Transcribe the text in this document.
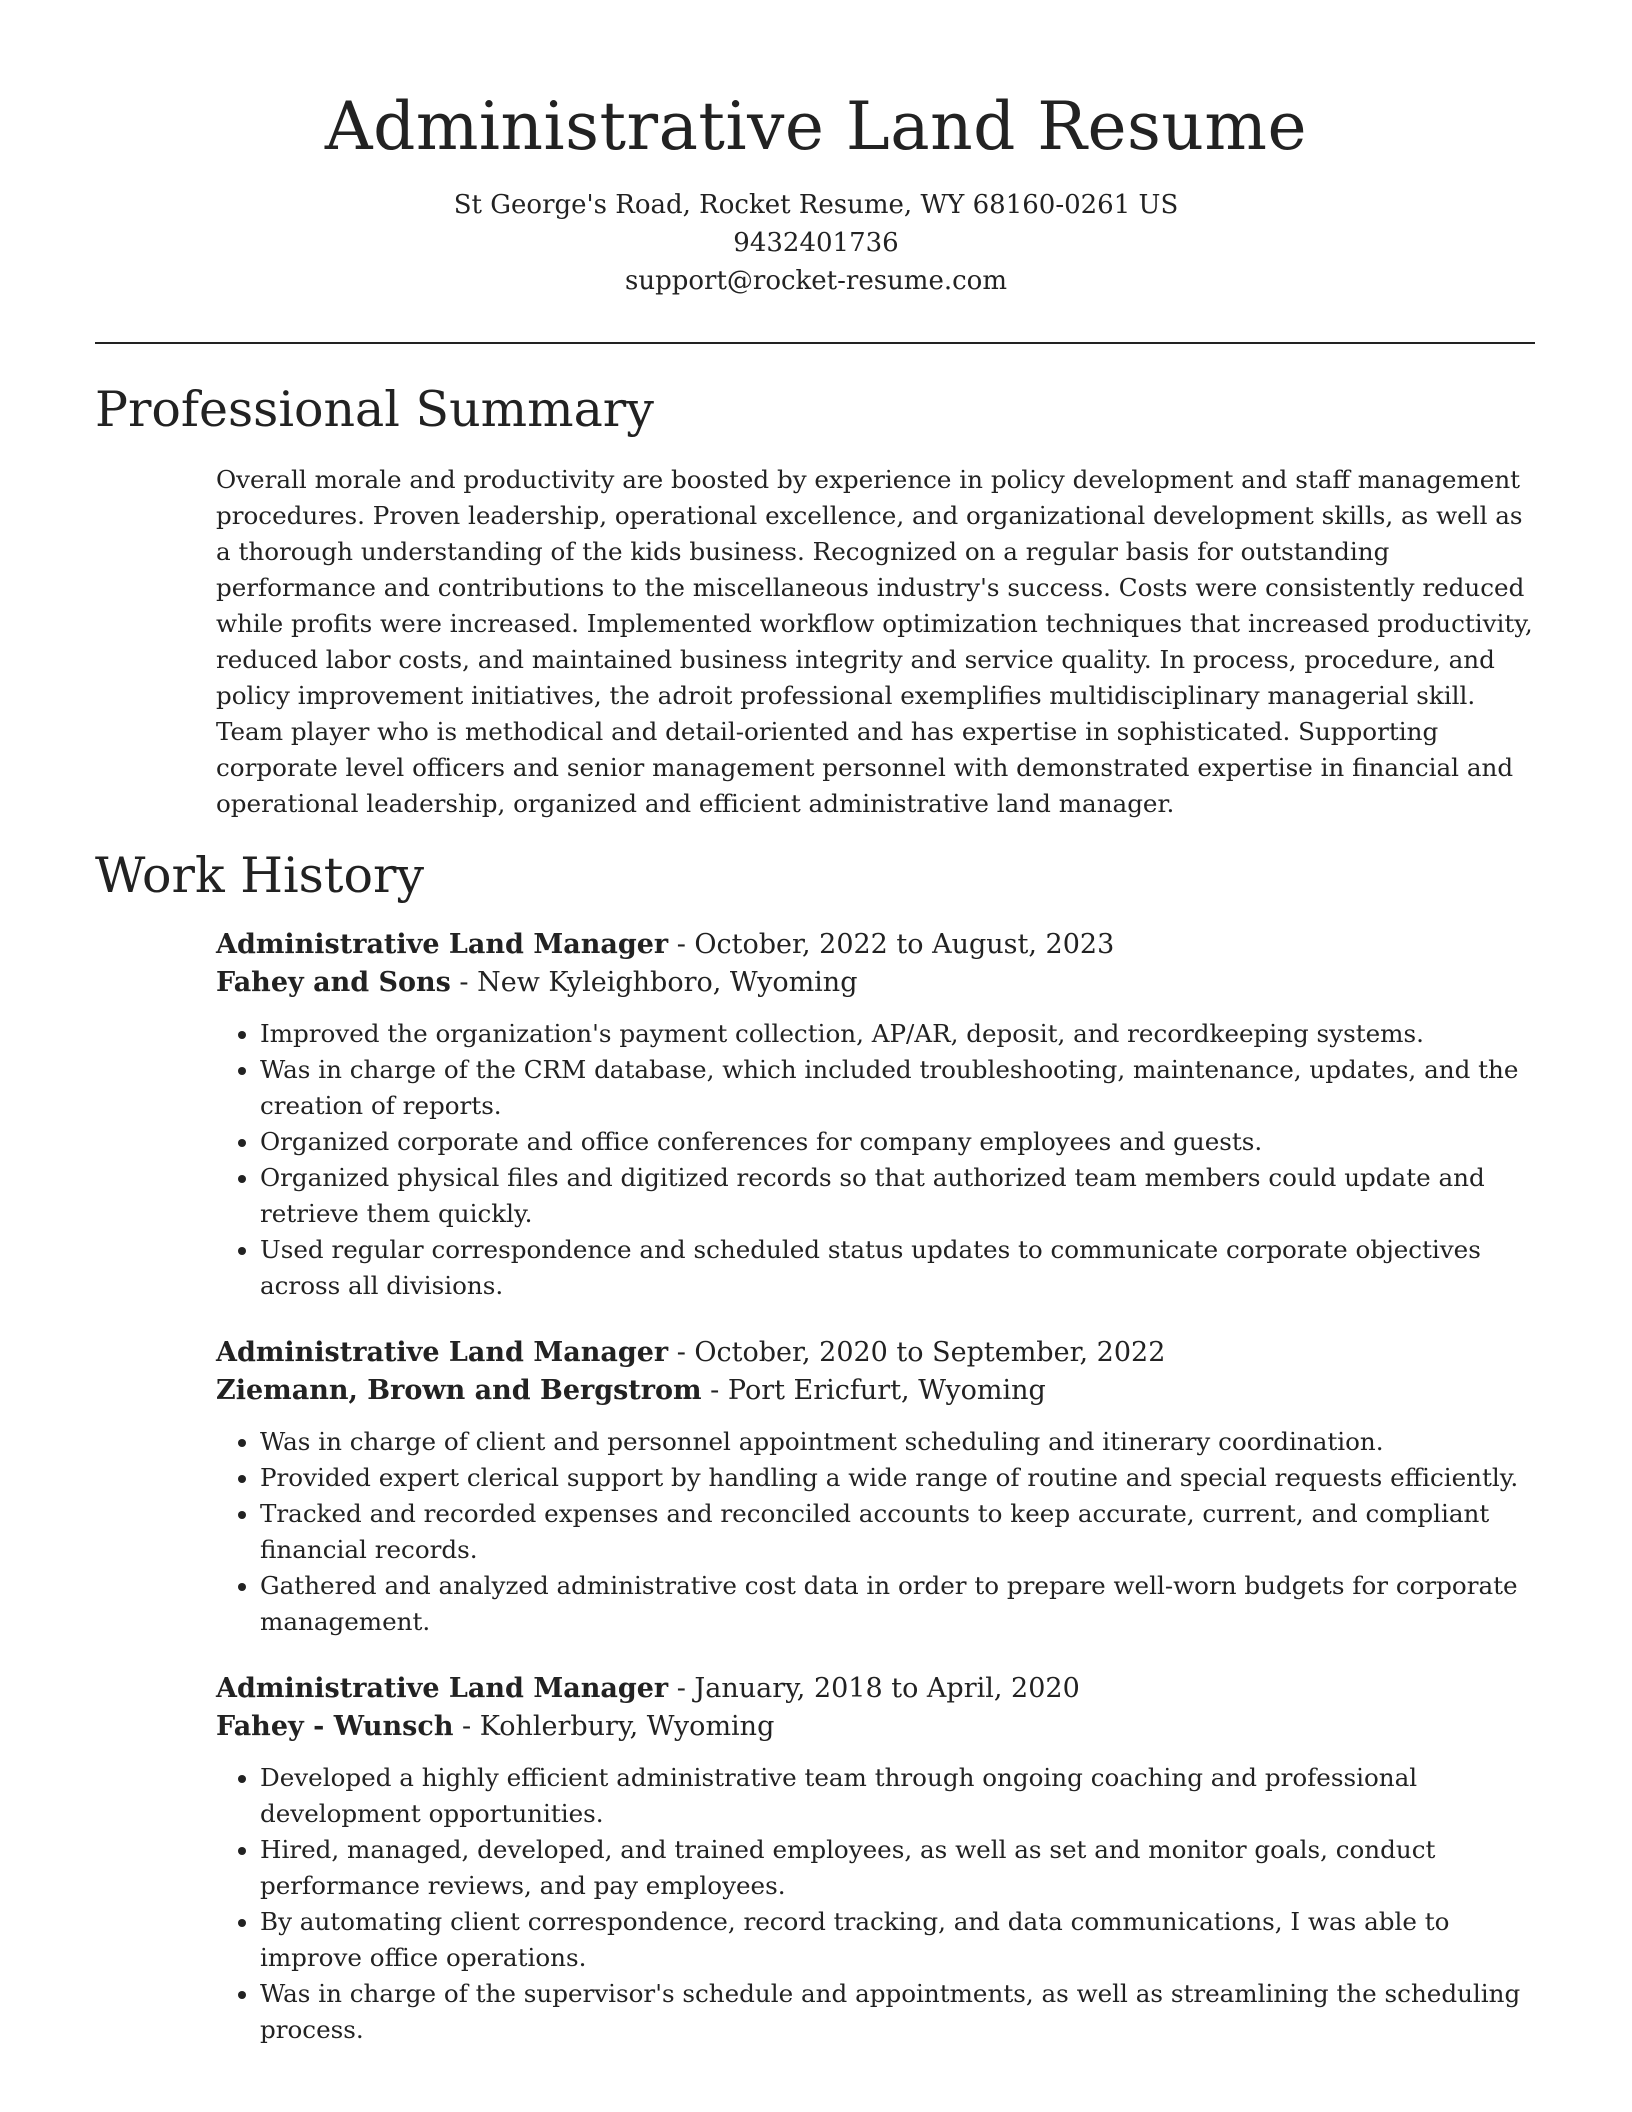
Administrative Land Resume
St George's Road, Rocket Resume, WY 68160-0261 US
9432401736
support@rocket-resume.com
Professional Summary

Overall morale and productivity are boosted by experience in policy development and staff management procedures. Proven leadership, operational excellence, and organizational development skills, as well as a thorough understanding of the kids business. Recognized on a regular basis for outstanding performance and contributions to the miscellaneous industry's success. Costs were consistently reduced while profits were increased. Implemented workflow optimization techniques that increased productivity, reduced labor costs, and maintained business integrity and service quality. In process, procedure, and policy improvement initiatives, the adroit professional exemplifies multidisciplinary managerial skill. Team player who is methodical and detail-oriented and has expertise in sophisticated. Supporting corporate level officers and senior management personnel with demonstrated expertise in financial and operational leadership, organized and efficient administrative land manager.

Work History
Administrative Land Manager - October, 2022 to August, 2023
Fahey and Sons - New Kyleighboro, Wyoming
• Improved the organization's payment collection, AP/AR, deposit, and recordkeeping systems.
• Was in charge of the CRM database, which included troubleshooting, maintenance, updates, and the creation of reports.
• Organized corporate and office conferences for company employees and guests.
• Organized physical files and digitized records so that authorized team members could update and retrieve them quickly.
• Used regular correspondence and scheduled status updates to communicate corporate objectives across all divisions.
Administrative Land Manager - October, 2020 to September, 2022
Ziemann, Brown and Bergstrom - Port Ericfurt, Wyoming
• Was in charge of client and personnel appointment scheduling and itinerary coordination.
• Provided expert clerical support by handling a wide range of routine and special requests efficiently.
• Tracked and recorded expenses and reconciled accounts to keep accurate, current, and compliant financial records.
• Gathered and analyzed administrative cost data in order to prepare well-worn budgets for corporate management.
Administrative Land Manager - January, 2018 to April, 2020
Fahey - Wunsch - Kohlerbury, Wyoming
• Developed a highly efficient administrative team through ongoing coaching and professional development opportunities.
• Hired, managed, developed, and trained employees, as well as set and monitor goals, conduct performance reviews, and pay employees.
• By automating client correspondence, record tracking, and data communications, I was able to improve office operations.
• Was in charge of the supervisor's schedule and appointments, as well as streamlining the scheduling process.
